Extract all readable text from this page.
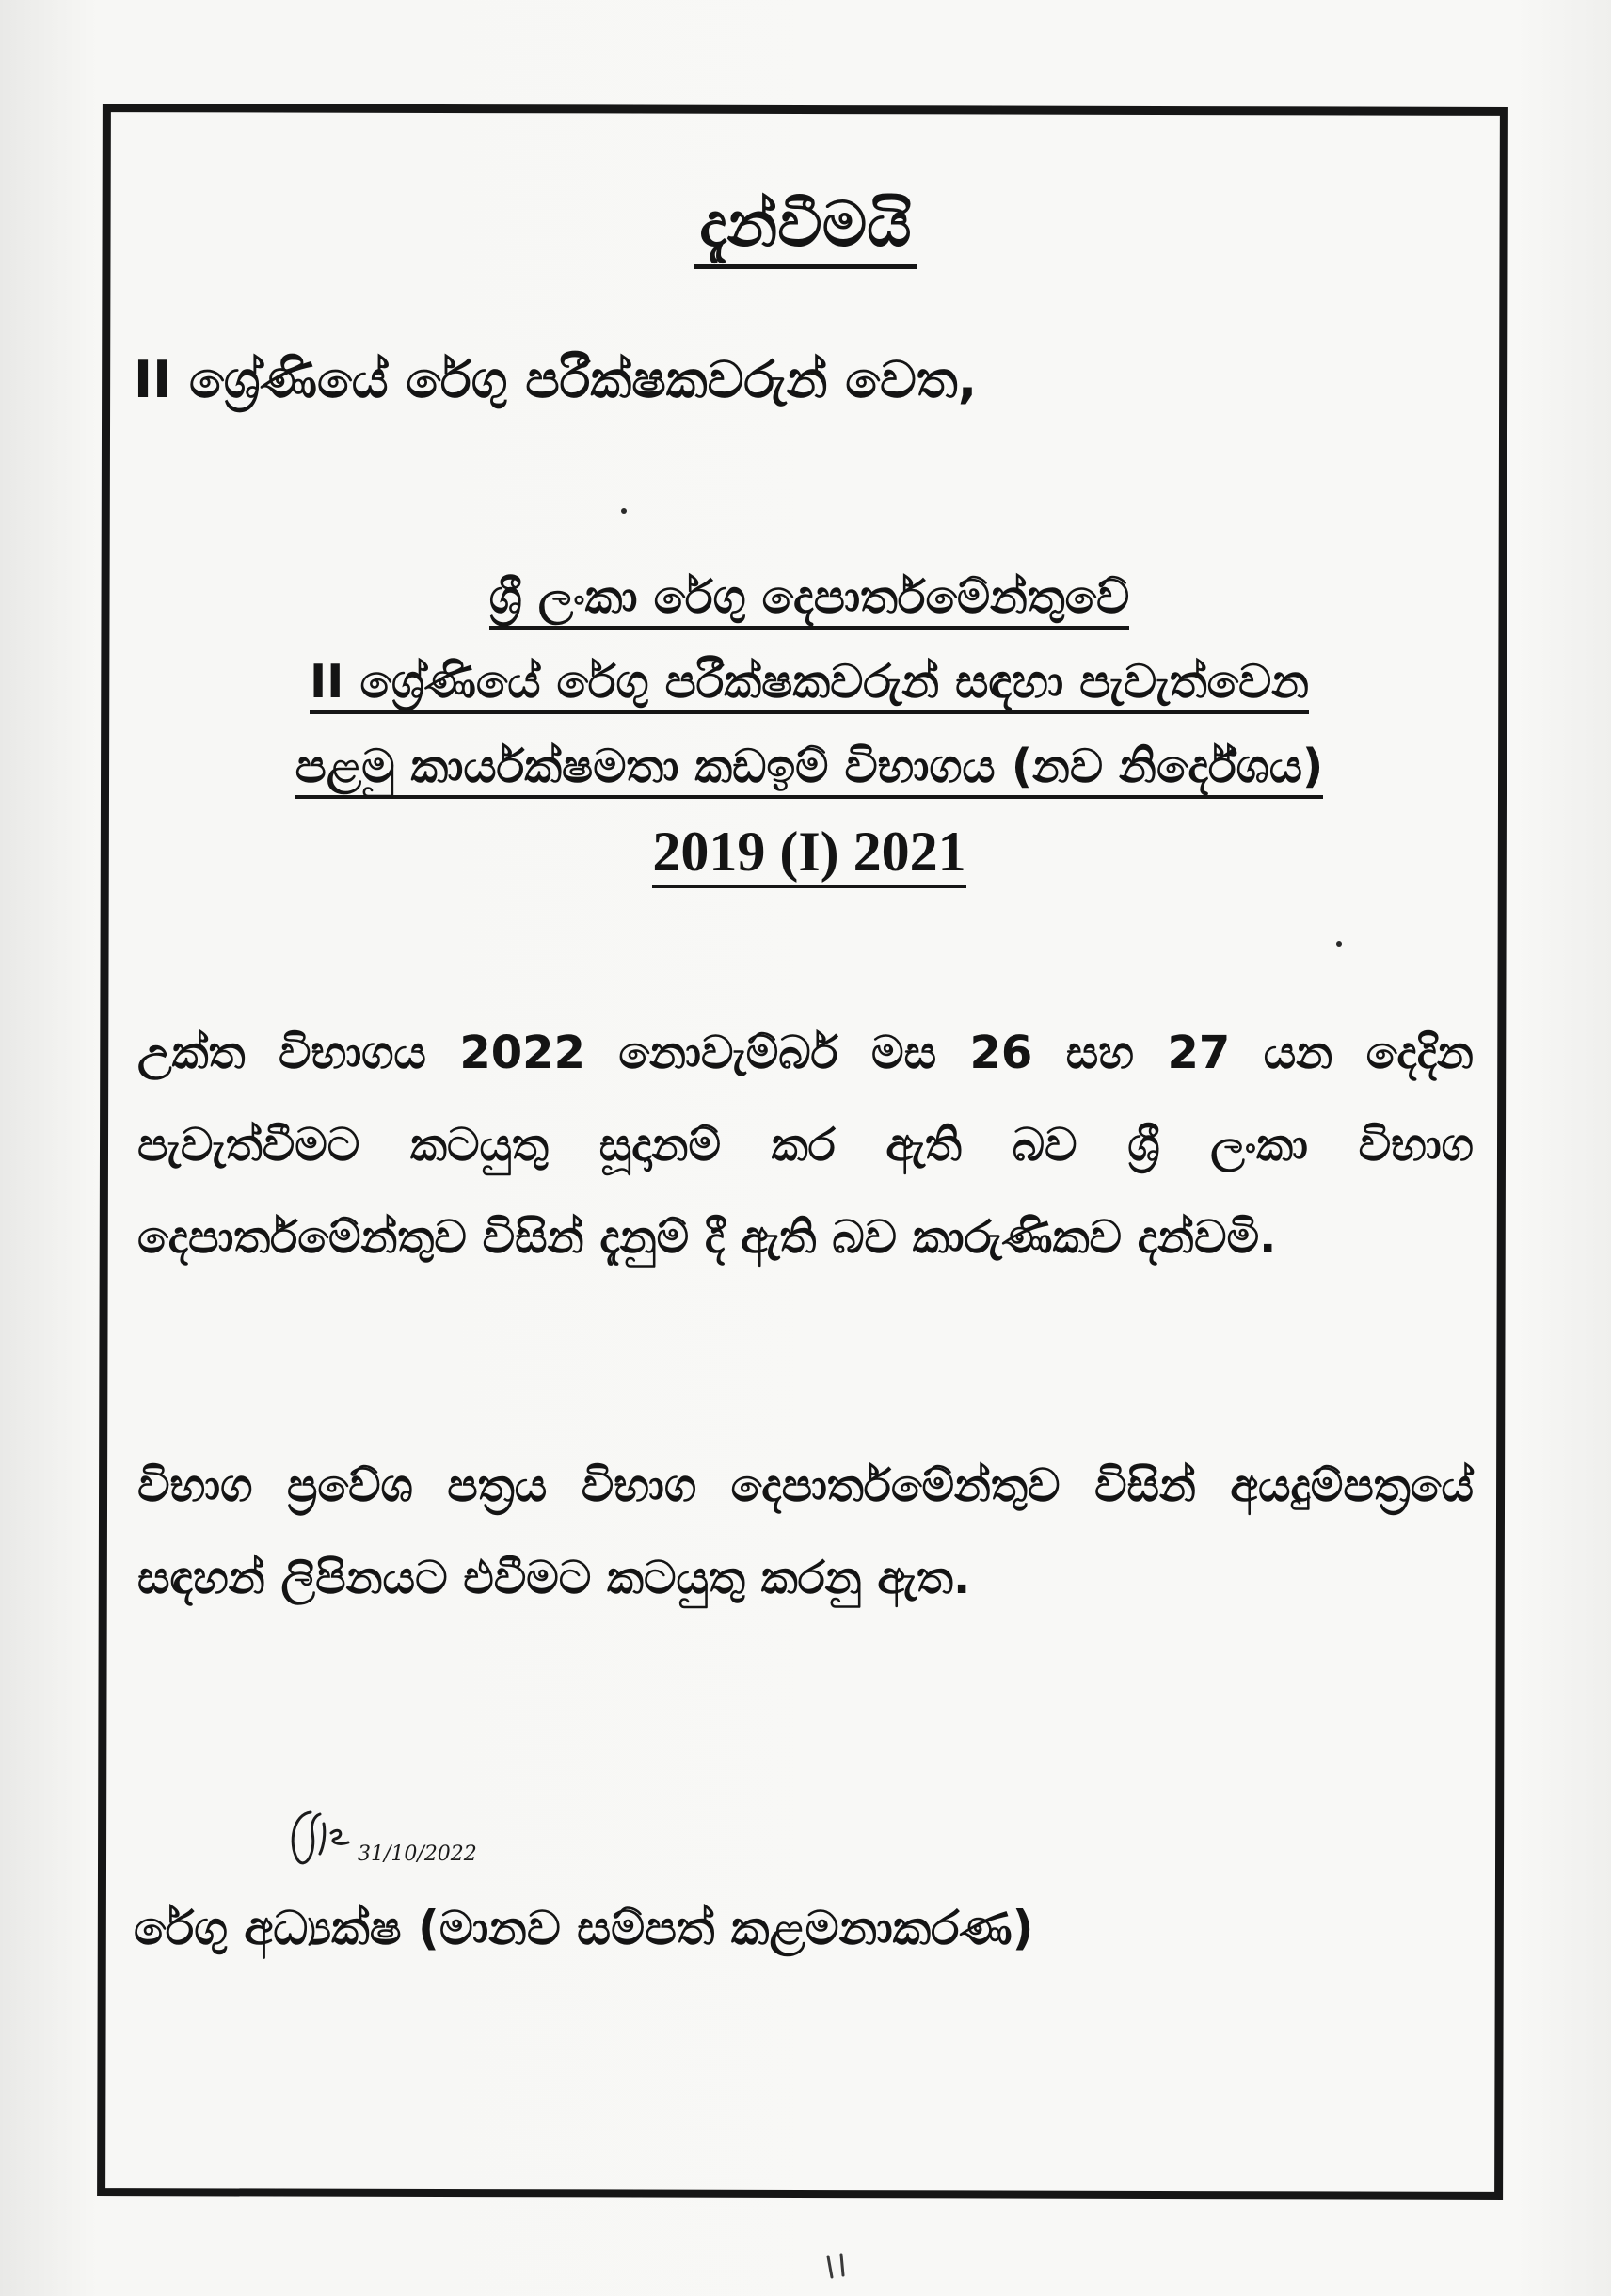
දැන්වීමයි
II ශ්‍රේණියේ රේගු පරීක්ෂකවරුන් වෙත,
ශ්‍රී ලංකා රේගු දෙපාර්තමේන්තුවේ
II ශ්‍රේණියේ රේගු පරීක්ෂකවරුන් සඳහා පැවැත්වෙන
පළමු කාර්යක්ෂමතා කඩඉම් විභාගය (නව නිර්දේශය)
2019 (I) 2021
උක්ත විභාගය 2022 නොවැම්බර් මස 26 සහ 27 යන දෙදින පැවැත්වීමට කටයුතු සූදානම් කර ඇති බව ශ්‍රී ලංකා විභාග දෙපාර්තමේන්තුව විසින් දැනුම් දී ඇති බව කාරුණිකව දන්වමි.
විභාග ප්‍රවේශ පත්‍රය විභාග දෙපාර්තමේන්තුව විසින් අයදුම්පත්‍රයේ සඳහන් ලිපිනයට එවීමට කටයුතු කරනු ඇත.
31/10/2022
රේගු අධ්‍යක්ෂ (මානව සම්පත් කළමනාකරණ)
